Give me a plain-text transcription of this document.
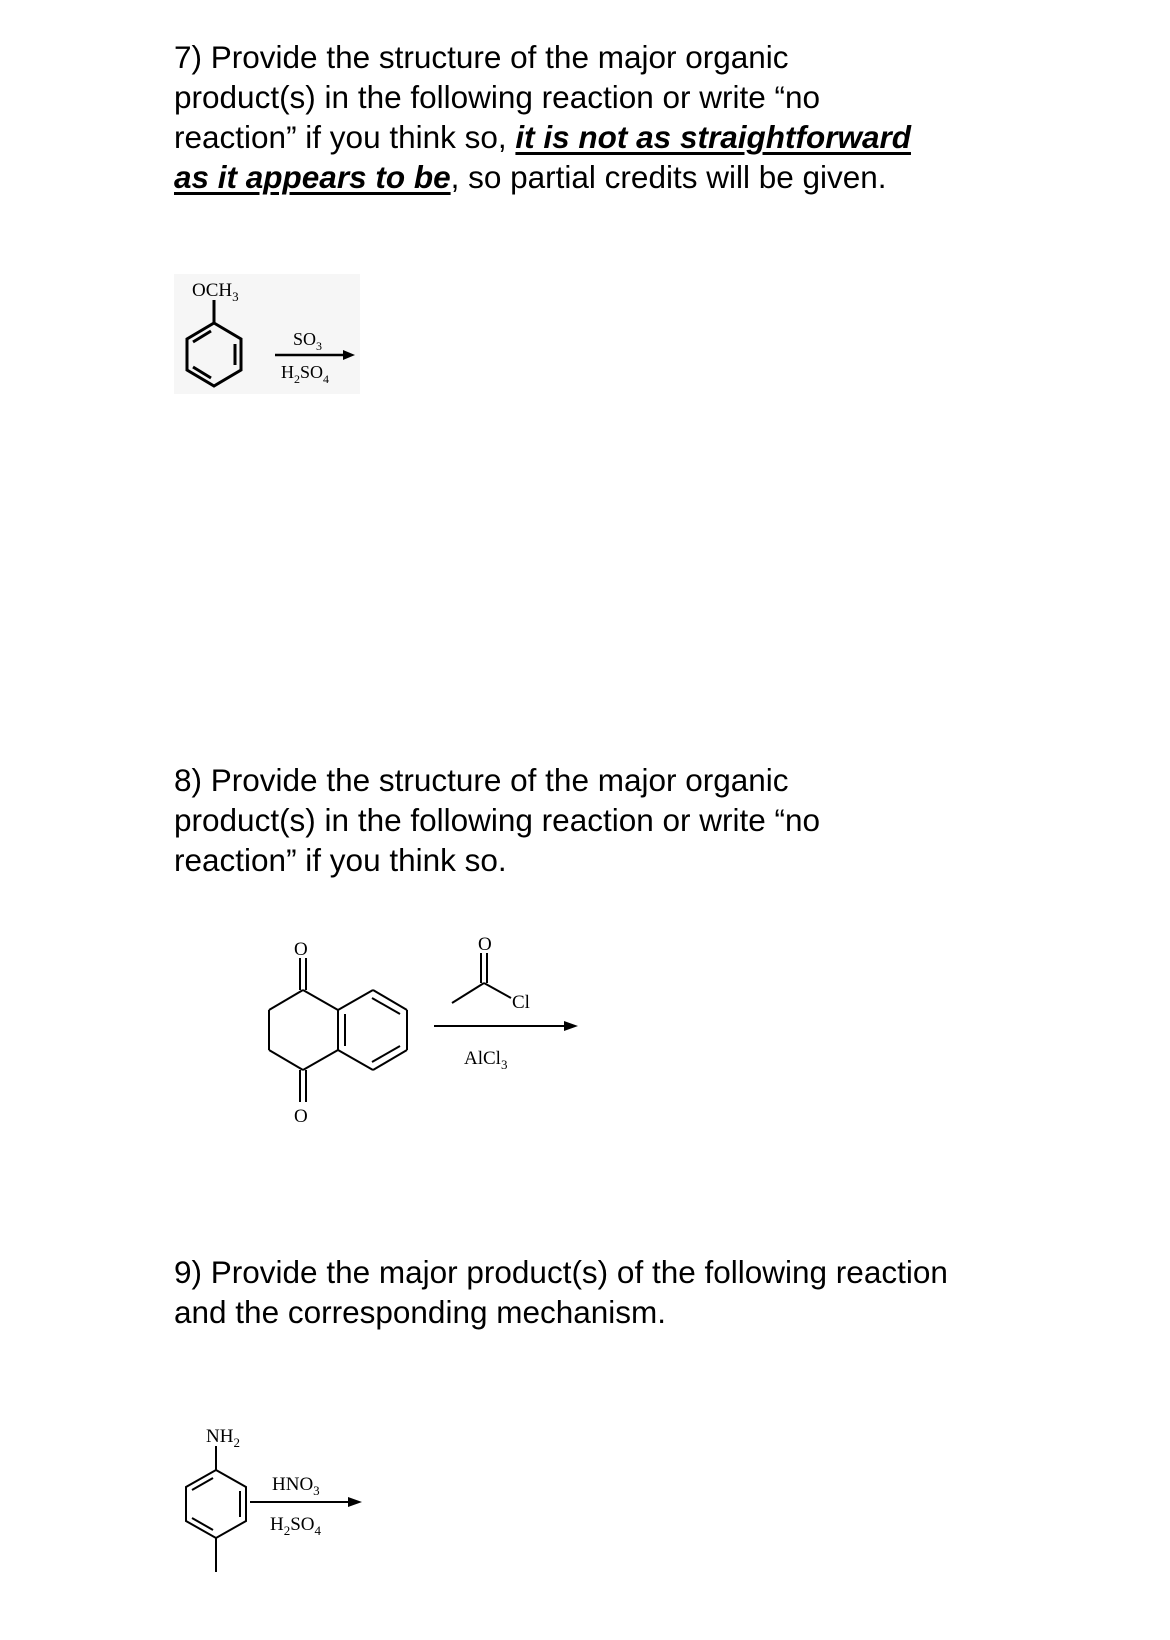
7) Provide the structure of the major organic
product(s) in the following reaction or write “no
reaction” if you think so, it is not as straightforward
as it appears to be, so partial credits will be given.

$OCH_3$
$SO_3$
$H_2SO_4$

8) Provide the structure of the major organic
product(s) in the following reaction or write “no
reaction” if you think so.

O
O
O
Cl
AlCl$_3$

9) Provide the major product(s) of the following reaction
and the corresponding mechanism.

$NH_2$
$HNO_3$
$H_2SO_4$
